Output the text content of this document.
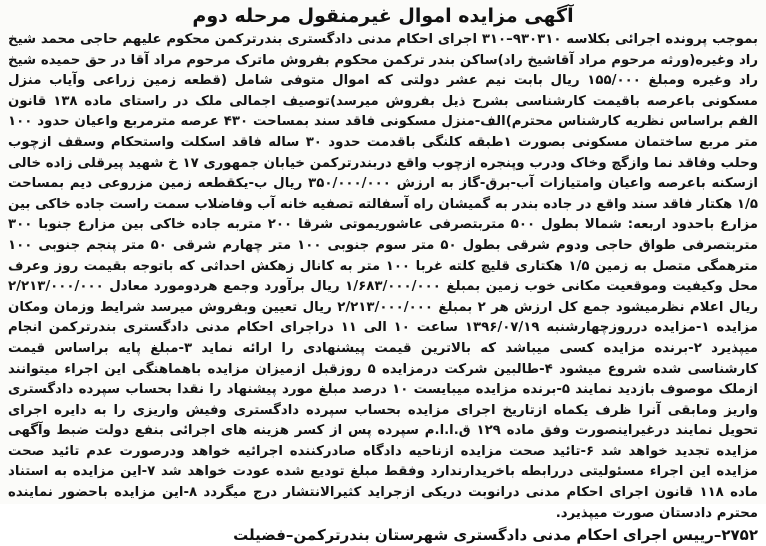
آگهی مزایده اموال غیرمنقول مرحله دوم

بموجب پرونده اجرائی بکلاسه ۹۳۰۳۱۰–۳۱۰ اجرای احکام مدنی دادگستری بندرترکمن محکوم علیهم حاجی محمد شیخ راد وغیره(ورثه مرحوم مراد آقاشیخ راد)ساکن بندر ترکمن محکوم بفروش ماترک مرحوم مراد آقا در حق حمیده شیخ راد وغیره ومبلغ ۱۵۵/۰۰۰ ریال بابت نیم عشر دولتی که اموال متوفی شامل (قطعه زمین زراعی وآیاب منزل مسکونی باعرصه باقیمت کارشناسی بشرح ذیل بفروش میرسد)توصیف اجمالی ملک در راستای ماده ۱۳۸ قانون الفم براساس نظریه کارشناس محترم)الف-منزل مسکونی فاقد سند بمساحت ۴۳۰ عرصه مترمربع واعیان حدود ۱۰۰ متر مربع ساختمان مسکونی بصورت ۱طبقه کلنگی باقدمت حدود ۳۰ ساله فاقد اسکلت واستحکام وسقف ازچوب وحلب وفاقد نما وازگچ وخاک ودرب وپنجره ازچوب واقع دربندرترکمن خیابان جمهوری ۱۷ خ شهید پیرقلی زاده خالی ازسکنه باعرصه واعیان وامتیازات آب-برق-گاز به ارزش ۳۵۰/۰۰۰/۰۰۰ ریال ب-یکقطعه زمین مزروعی دیم بمساحت ۱/۵ هکتار فاقد سند واقع در جاده بندر به گمیشان راه آسفالته تصفیه خانه آب وفاضلاب سمت راست جاده خاکی بین مزارع باحدود اربعه: شمالا بطول ۵۰۰ متربتصرفی عاشوریموتی شرقا ۲۰۰ متربه جاده خاکی بین مزارع جنوبا ۳۰۰ متربتصرفی طواق حاجی ودوم شرقی بطول ۵۰ متر سوم جنوبی ۱۰۰ متر چهارم شرقی ۵۰ متر پنجم جنوبی ۱۰۰ مترهمگی متصل به زمین ۱/۵ هکتاری قلیچ کلته غربا ۱۰۰ متر به کانال زهکش احداثی که باتوجه بقیمت روز وعرف محل وکیفیت وموقعیت مکانی خوب زمین بمبلغ ۱/۶۸۳/۰۰۰/۰۰۰ ریال برآورد وجمع هردومورد معادل ۲/۲۱۳/۰۰۰/۰۰۰ ریال اعلام نظرمیشود جمع کل ارزش هر ۲ بمبلغ ۲/۲۱۳/۰۰۰/۰۰۰ ریال تعیین وبفروش میرسد شرایط وزمان ومکان مزایده ۱-مزایده درروزچهارشنبه ۱۳۹۶/۰۷/۱۹ ساعت ۱۰ الی ۱۱ دراجرای احکام مدنی دادگستری بندرترکمن انجام میپذیرد ۲-برنده مزایده کسی میباشد که بالاترین قیمت پیشنهادی را ارائه نماید ۳-مبلغ پایه براساس قیمت کارشناسی شده شروع میشود ۴-طالبین شرکت درمزایده ۵ روزقبل ازمیزان مزایده باهماهنگی این اجراء میتوانند ازملک موصوف بازدید نمایند ۵-برنده مزایده میبایست ۱۰ درصد مبلغ مورد پیشنهاد را نقدا بحساب سپرده دادگستری واریز ومابقی آنرا ظرف یکماه ازتاریخ اجرای مزایده بحساب سپرده دادگستری وفیش واریزی را به دایره اجرای تحویل نمایند درغیراینصورت وفق ماده ۱۲۹ ق.ا.ا.م سپرده پس از کسر هزینه های اجرائی بنفع دولت ضبط وآگهی مزایده تجدید خواهد شد ۶-تائید صحت مزایده ازناحیه دادگاه صادرکننده اجرائیه خواهد ودرصورت عدم تائید صحت مزایده این اجراء مسئولیتی دررابطه باخریدارندارد وفقط مبلغ تودیع شده عودت خواهد شد ۷-این مزایده به استناد ماده ۱۱۸ قانون اجرای احکام مدنی درانوبت دریکی ازجراید کثیرالانتشار درج میگردد ۸-این مزایده باحضور نماینده محترم دادستان صورت میپذیرد.

۲۷۵۲–رییس اجرای احکام مدنی دادگستری شهرستان بندرترکمن–فضیلت
